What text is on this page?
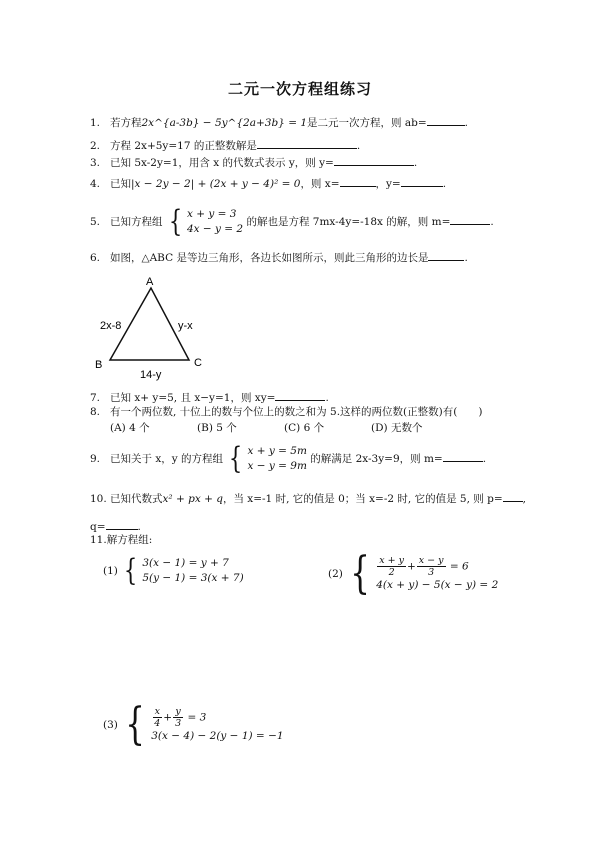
二元一次方程组练习
1. 若方程2x^{a-3b} − 5y^{2a+3b} = 1是二元一次方程，则 ab=	.
2. 方程 2x+5y=17 的正整数解是	.
3. 已知 5x-2y=1，用含 x 的代数式表示 y，则 y=	.
4. 已知|x − 2y − 2| + (2x + y − 4)² = 0，则 x=	，y=	.
5. 已知方程组 { x + y = 3
4x − y = 2
的解也是方程 7mx-4y=-18x 的解，则 m=	.
6. 如图，△ABC 是等边三角形，各边长如图所示，则此三角形的边长是	.
A
B	C
2x-8	y-x
14-y
7. 已知 x+ y=5, 且 x−y=1，则 xy=	.
8. 有一个两位数, 十位上的数与个位上的数之和为 5.这样的两位数(正整数)有(　　)
(A) 4 个	(B) 5 个	(C) 6 个	(D) 无数个
9. 已知关于 x，y 的方程组 { x + y = 5m
x − y = 9m
的解满足 2x-3y=9，则 m=	.
10. 已知代数式x² + px + q，当 x=-1 时, 它的值是 0；当 x=-2 时, 它的值是 5, 则 p= ,
q=	.
11.解方程组:
(1) { 3(x − 1) = y + 7
5(y − 1) = 3(x + 7)	(2) { $\frac{x + y}{2} + \frac{x - y}{3} = 6$
4(x + y) − 5(x − y) = 2
(3) { $\frac{x}{4} + \frac{y}{3} = 3$
3(x − 4) − 2(y − 1) = −1
